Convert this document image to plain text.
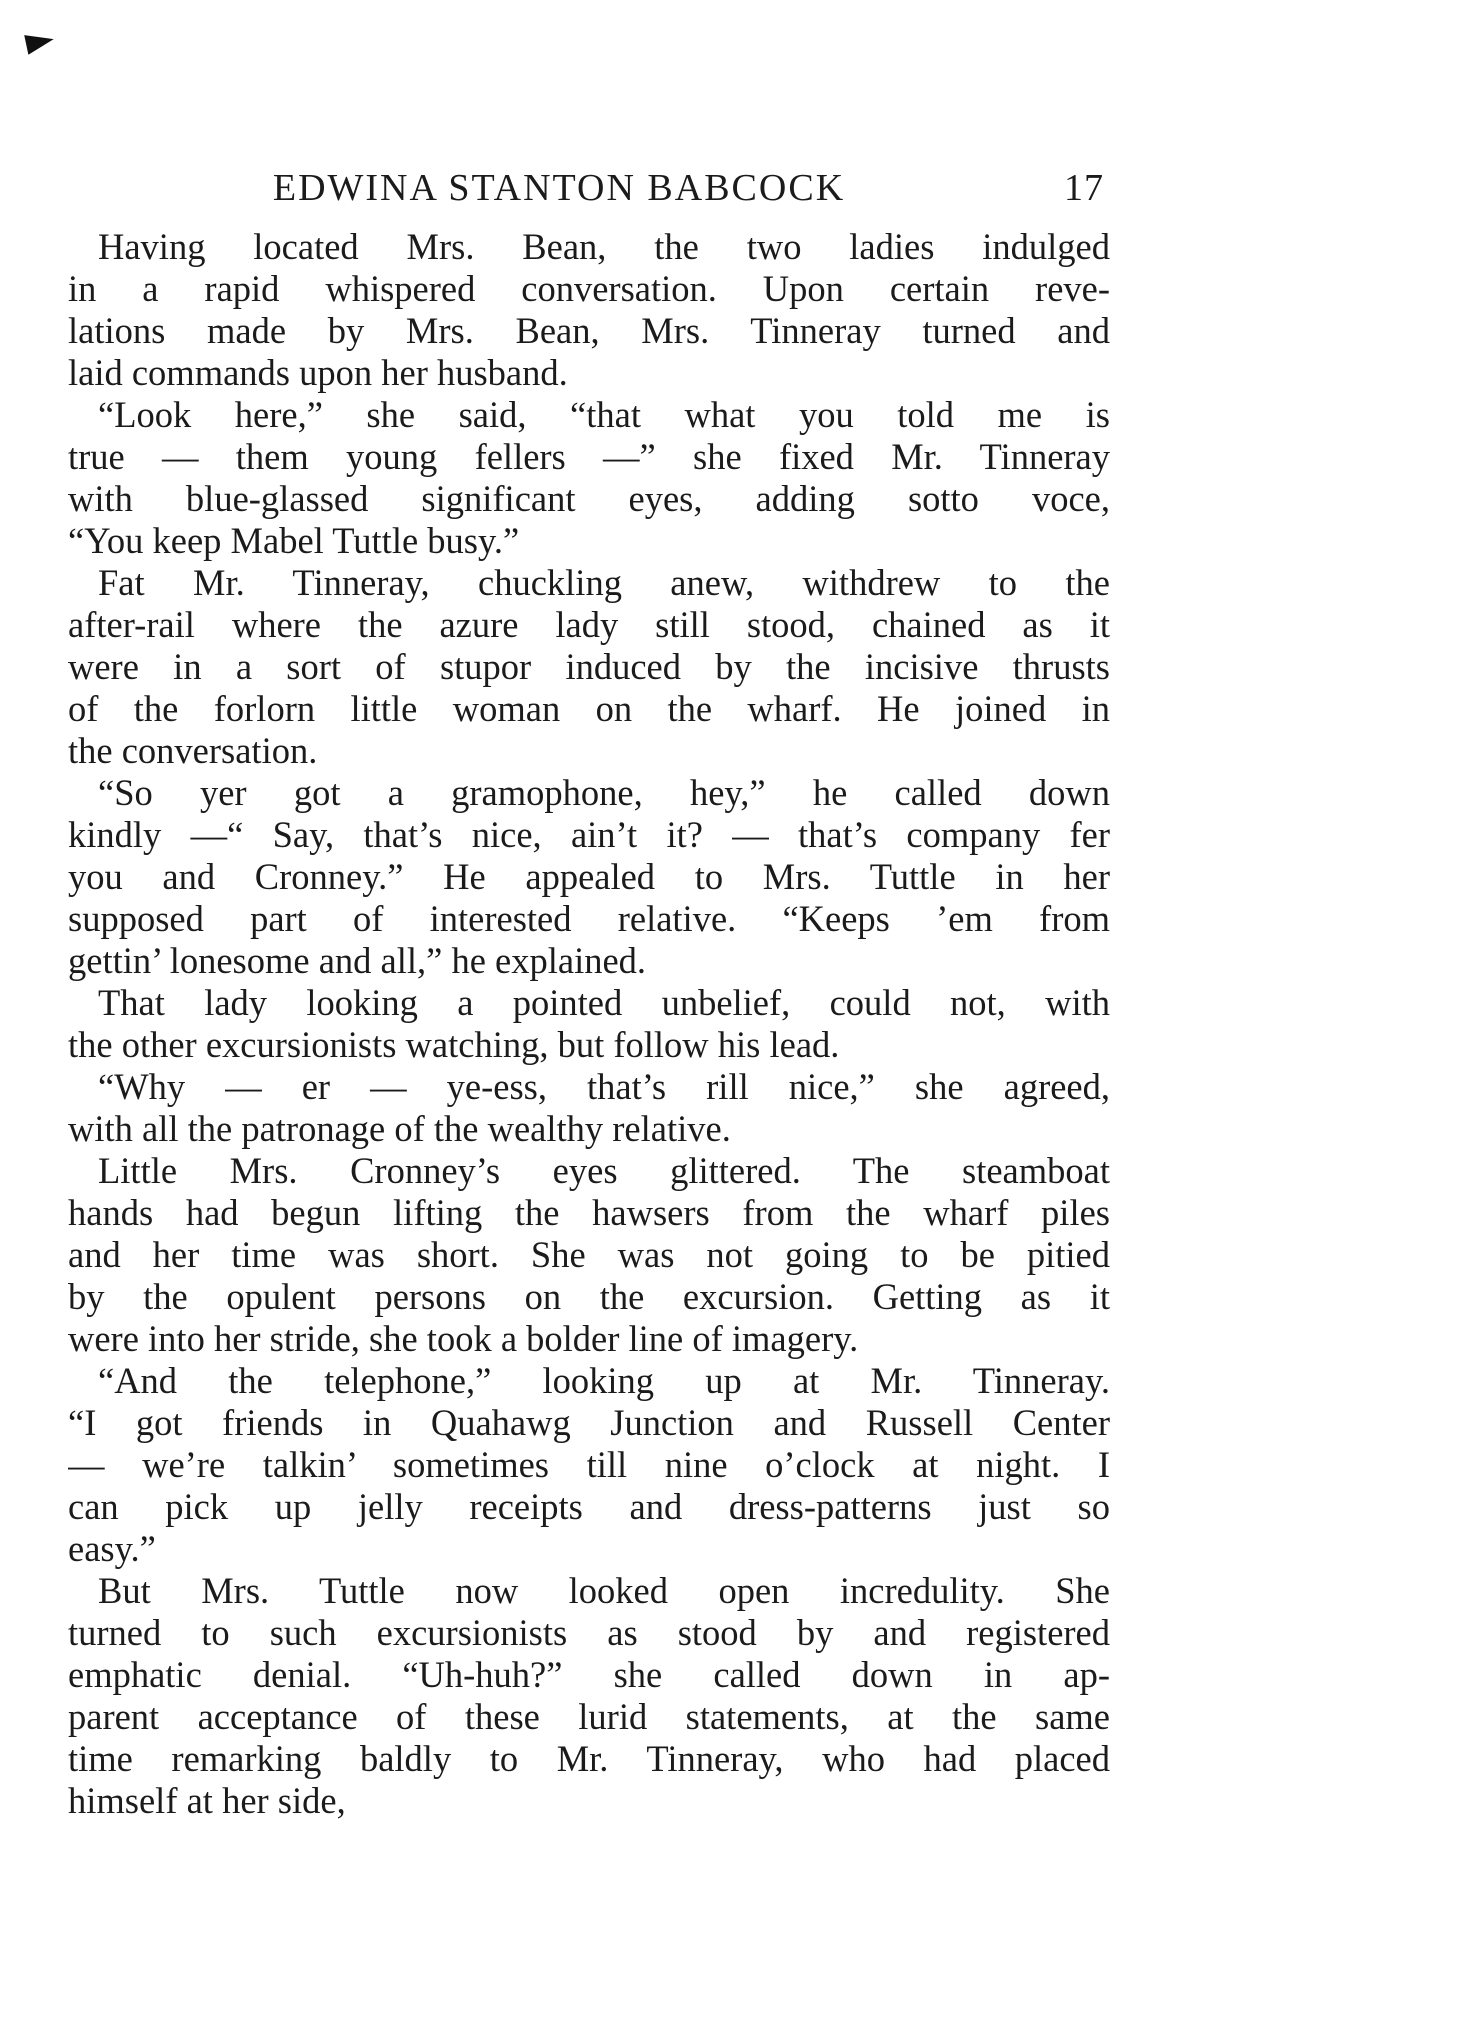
EDWINA STANTON BABCOCK	17
Having located Mrs. Bean, the two ladies indulged
in a rapid whispered conversation. Upon certain reve-
lations made by Mrs. Bean, Mrs. Tinneray turned and
laid commands upon her husband.
“Look here,” she said, “that what you told me is
true — them young fellers —” she fixed Mr. Tinneray
with blue-glassed significant eyes, adding sotto voce,
“You keep Mabel Tuttle busy.”
Fat Mr. Tinneray, chuckling anew, withdrew to the
after-rail where the azure lady still stood, chained as it
were in a sort of stupor induced by the incisive thrusts
of the forlorn little woman on the wharf. He joined in
the conversation.
“So yer got a gramophone, hey,” he called down
kindly —“ Say, that’s nice, ain’t it? — that’s company fer
you and Cronney.” He appealed to Mrs. Tuttle in her
supposed part of interested relative. “Keeps ’em from
gettin’ lonesome and all,” he explained.
That lady looking a pointed unbelief, could not, with
the other excursionists watching, but follow his lead.
“Why — er — ye-ess, that’s rill nice,” she agreed,
with all the patronage of the wealthy relative.
Little Mrs. Cronney’s eyes glittered. The steamboat
hands had begun lifting the hawsers from the wharf piles
and her time was short. She was not going to be pitied
by the opulent persons on the excursion. Getting as it
were into her stride, she took a bolder line of imagery.
“And the telephone,” looking up at Mr. Tinneray.
“I got friends in Quahawg Junction and Russell Center
— we’re talkin’ sometimes till nine o’clock at night. I
can pick up jelly receipts and dress-patterns just so
easy.”
But Mrs. Tuttle now looked open incredulity. She
turned to such excursionists as stood by and registered
emphatic denial. “Uh-huh?” she called down in ap-
parent acceptance of these lurid statements, at the same
time remarking baldly to Mr. Tinneray, who had placed
himself at her side,
